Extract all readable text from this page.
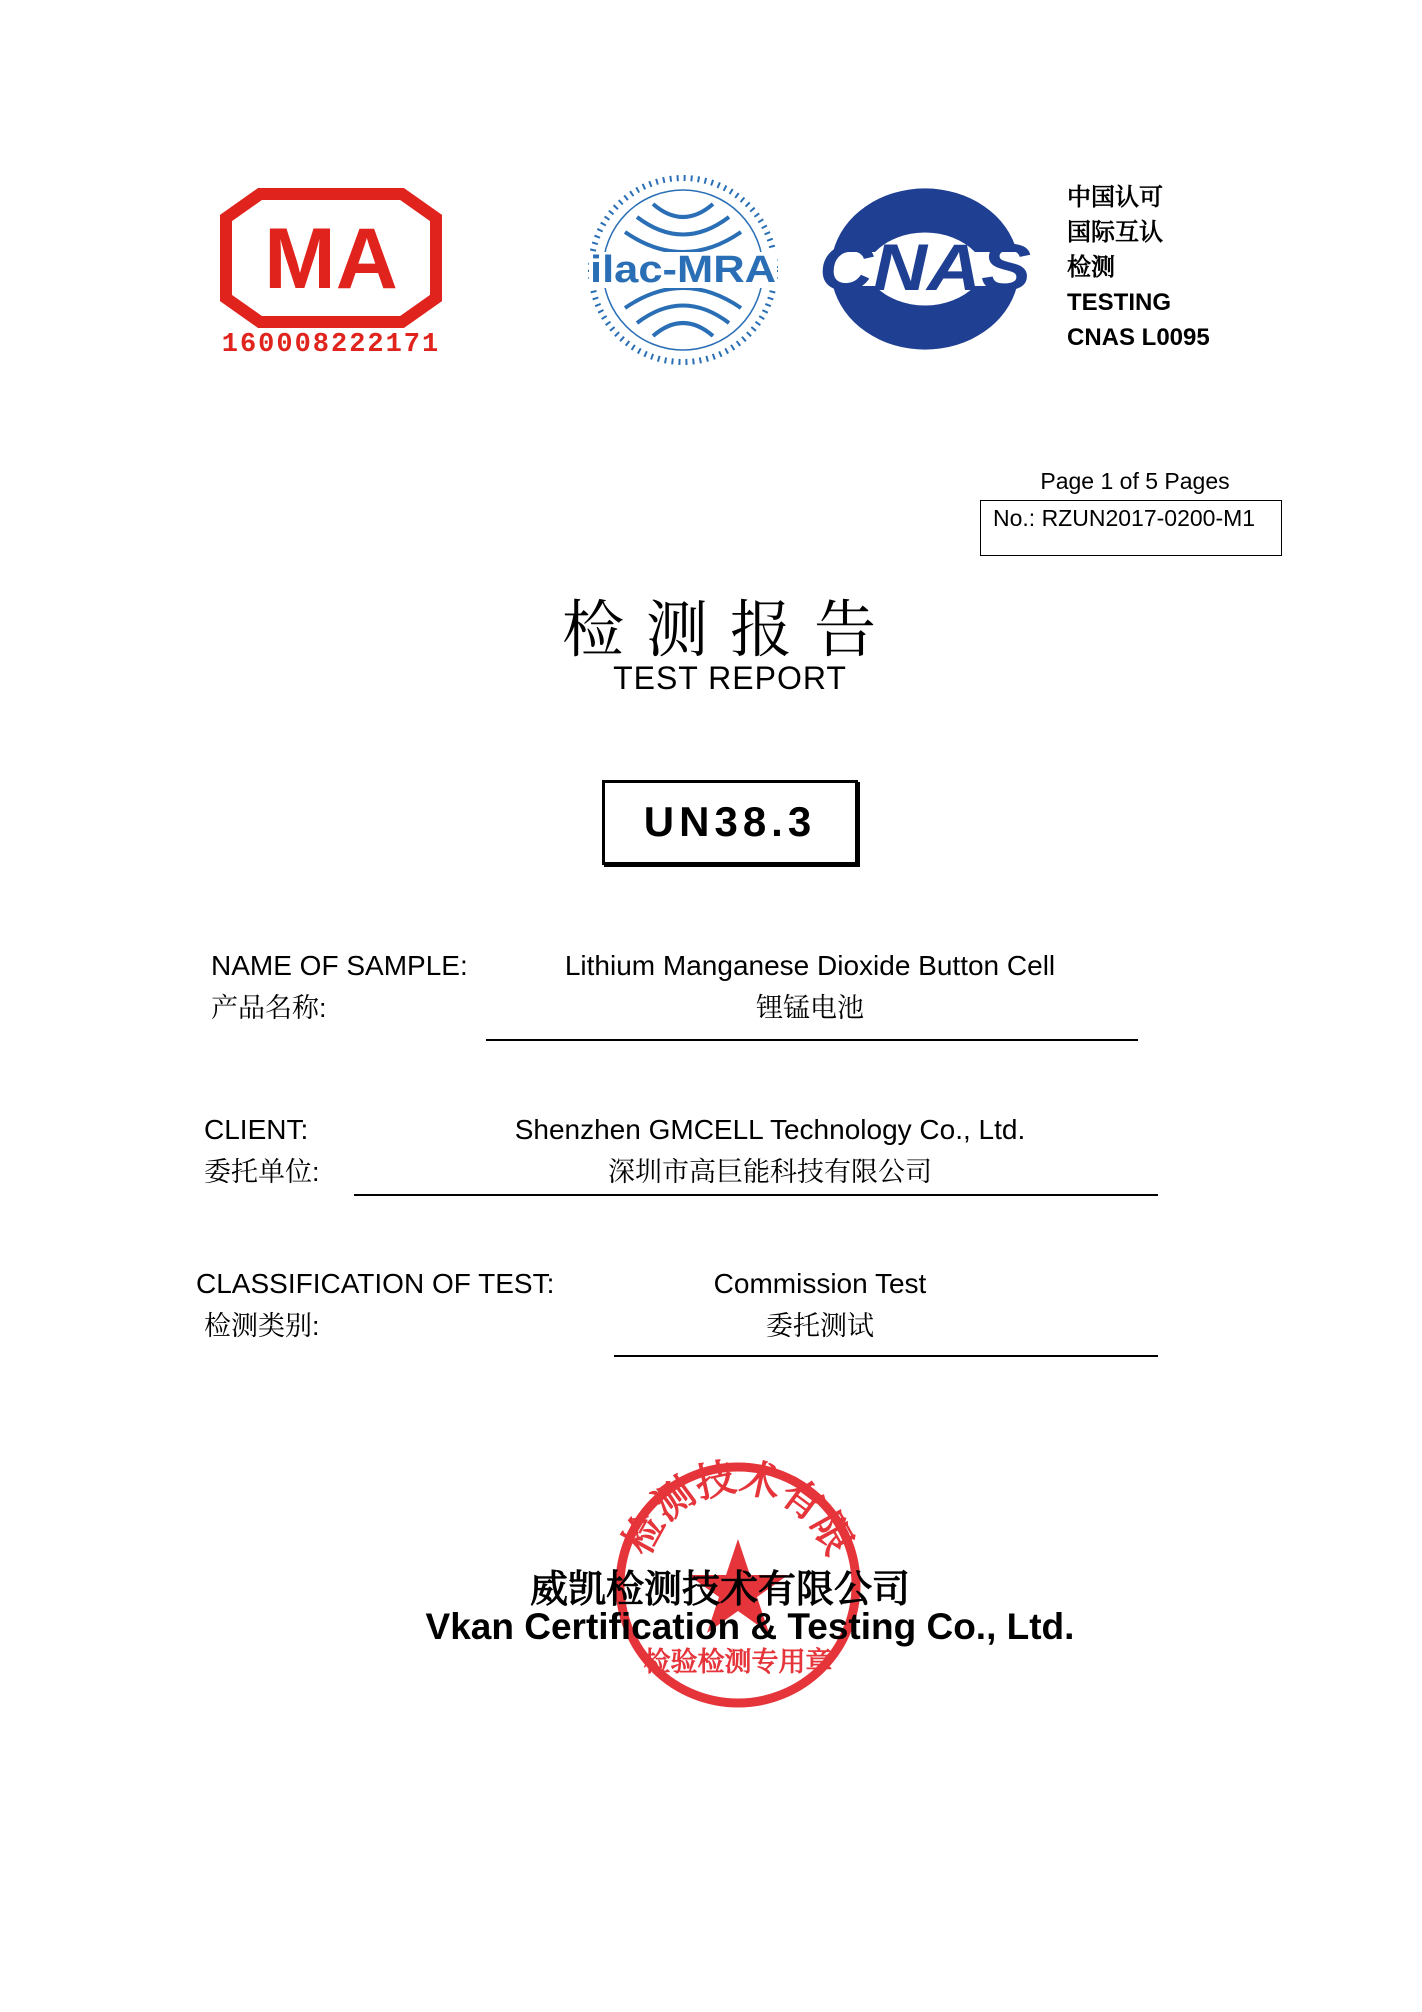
MA
160008222171
ilac-MRA CNAS
中国认可
国际互认
检测
TESTING
CNAS L0095
Page 1 of 5 Pages
No.: RZUN2017-0200-M1
检测报告
TEST REPORT
UN38.3
NAME OF SAMPLE:
产品名称:
Lithium Manganese Dioxide Button Cell
锂锰电池
CLIENT:
委托单位:
Shenzhen GMCELL Technology Co., Ltd.
深圳市高巨能科技有限公司
CLASSIFICATION OF TEST:
检测类别:
Commission Test
委托测试
检测技术有限
检验检测专用章
威凯检测技术有限公司
Vkan Certification & Testing Co., Ltd.
